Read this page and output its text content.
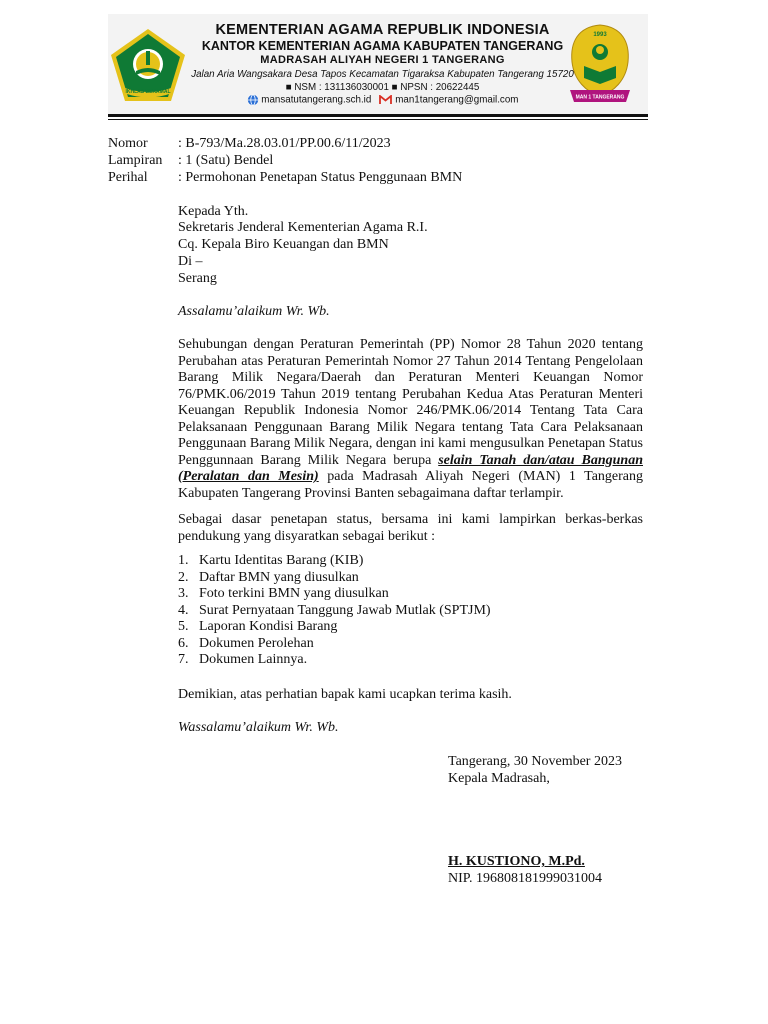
IKHLAS BERAMAL
1993
MAN 1 TANGERANG
KEMENTERIAN AGAMA REPUBLIK INDONESIA
KANTOR KEMENTERIAN AGAMA KABUPATEN TANGERANG
MADRASAH ALIYAH NEGERI 1 TANGERANG
Jalan Aria Wangsakara Desa Tapos Kecamatan Tigaraksa Kabupaten Tangerang 15720
■ NSM : 131136030001 ■ NPSN : 20622445
mansatutangerang.sch.id man1tangerang@gmail.com
Nomor : B-793/Ma.28.03.01/PP.00.6/11/2023
Lampiran : 1 (Satu) Bendel
Perihal : Permohonan Penetapan Status Penggunaan BMN
Kepada Yth.
Sekretaris Jenderal Kementerian Agama R.I.
Cq. Kepala Biro Keuangan dan BMN
Di –
Serang
Assalamu’alaikum Wr. Wb.
Sehubungan dengan Peraturan Pemerintah (PP) Nomor 28 Tahun 2020 tentang
Perubahan atas Peraturan Pemerintah Nomor 27 Tahun 2014 Tentang Pengelolaan
Barang Milik Negara/Daerah dan Peraturan Menteri Keuangan Nomor
76/PMK.06/2019 Tahun 2019 tentang Perubahan Kedua Atas Peraturan Menteri
Keuangan Republik Indonesia Nomor 246/PMK.06/2014 Tentang Tata Cara
Pelaksanaan Penggunaan Barang Milik Negara tentang Tata Cara Pelaksanaan
Penggunaan Barang Milik Negara, dengan ini kami mengusulkan Penetapan Status
Penggunnaan Barang Milik Negara berupa selain Tanah dan/atau Bangunan
(Peralatan dan Mesin) pada Madrasah Aliyah Negeri (MAN) 1 Tangerang
Kabupaten Tangerang Provinsi Banten sebagaimana daftar terlampir.
Sebagai dasar penetapan status, bersama ini kami lampirkan berkas-berkas
pendukung yang disyaratkan sebagai berikut :
1. Kartu Identitas Barang (KIB)
2. Daftar BMN yang diusulkan
3. Foto terkini BMN yang diusulkan
4. Surat Pernyataan Tanggung Jawab Mutlak (SPTJM)
5. Laporan Kondisi Barang
6. Dokumen Perolehan
7. Dokumen Lainnya.
Demikian, atas perhatian bapak kami ucapkan terima kasih.
Wassalamu’alaikum Wr. Wb.
Tangerang, 30 November 2023
Kepala Madrasah,
H. KUSTIONO, M.Pd.
NIP. 196808181999031004
